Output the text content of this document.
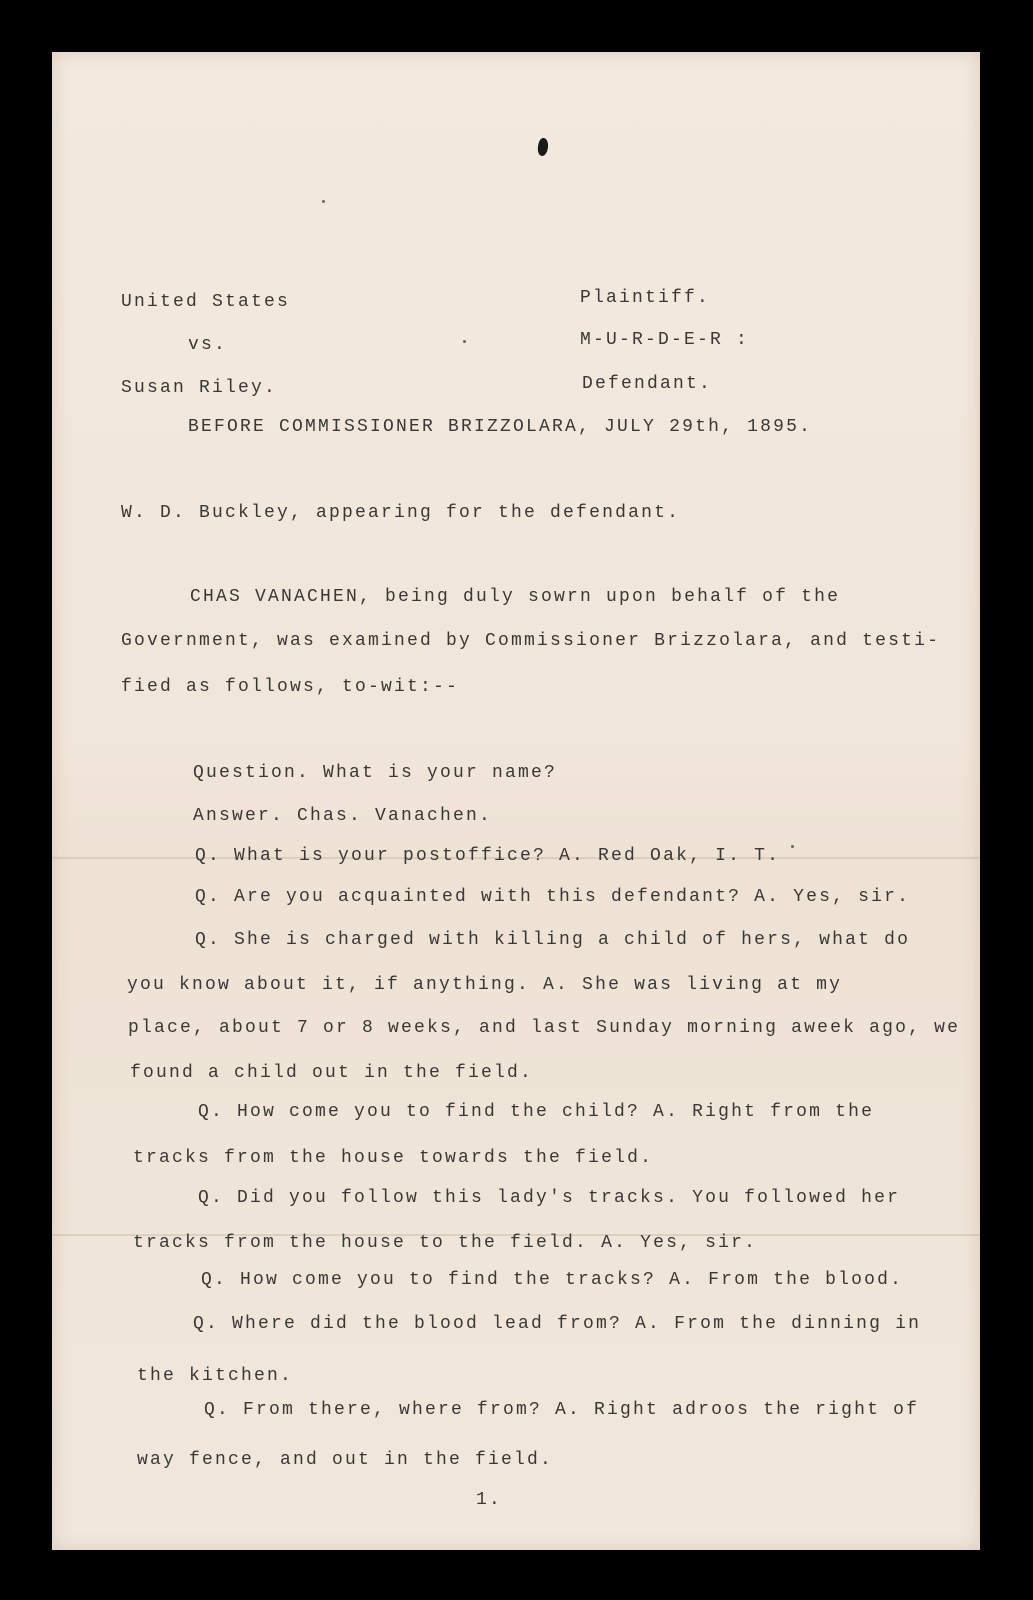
United States	Plaintiff.
vs.	M-U-R-D-E-R :
Susan Riley.	Defendant.
BEFORE COMMISSIONER BRIZZOLARA, JULY 29th, 1895.
W. D. Buckley, appearing for the defendant.
CHAS VANACHEN, being duly sowrn upon behalf of the
Government, was examined by Commissioner Brizzolara, and testi-
fied as follows, to-wit:--
Question. What is your name?
Answer. Chas. Vanachen.
Q. What is your postoffice? A. Red Oak, I. T.
Q. Are you acquainted with this defendant? A. Yes, sir.
Q. She is charged with killing a child of hers, what do
you know about it, if anything. A. She was living at my
place, about 7 or 8 weeks, and last Sunday morning aweek ago, we
found a child out in the field.
Q. How come you to find the child? A. Right from the
tracks from the house towards the field.
Q. Did you follow this lady's tracks. You followed her
tracks from the house to the field. A. Yes, sir.
Q. How come you to find the tracks? A. From the blood.
Q. Where did the blood lead from? A. From the dinning in
the kitchen.
Q. From there, where from? A. Right adroos the right of
way fence, and out in the field.
1.
